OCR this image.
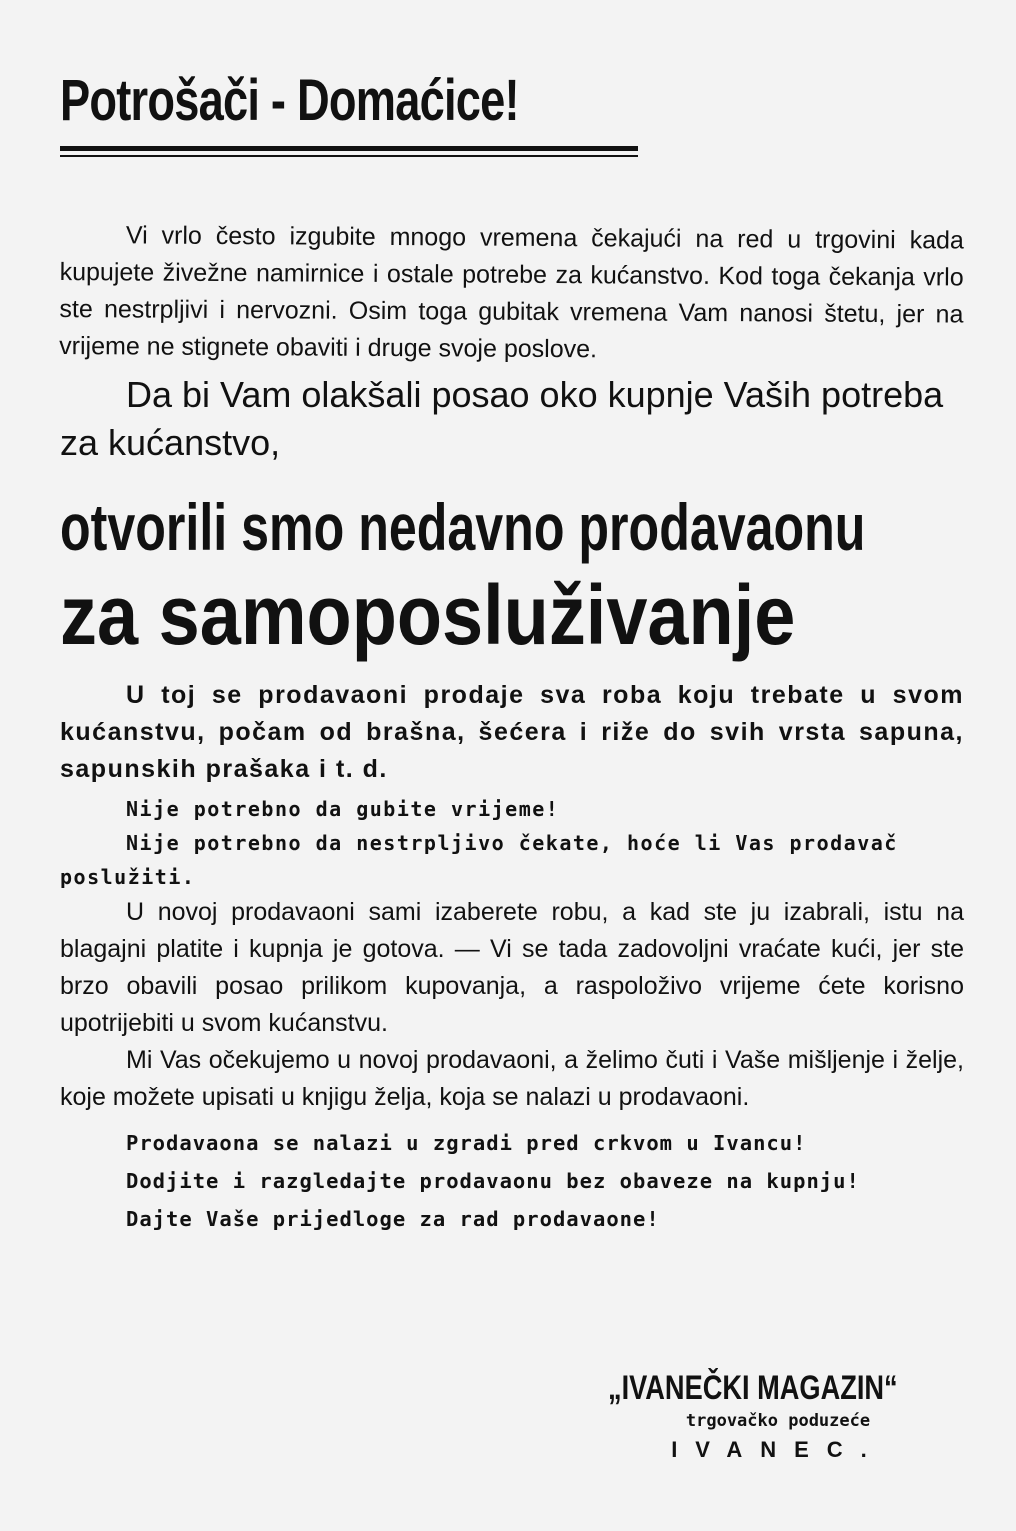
Potrošači - Domaćice!

Vi vrlo često izgubite mnogo vremena čekajući na red u trgovini kada kupujete živežne namirnice i ostale potrebe za kućanstvo. Kod toga čekanja vrlo ste nestrpljivi i nervozni. Osim toga gubitak vremena Vam nanosi štetu, jer na vrijeme ne stignete obaviti i druge svoje poslove.

Da bi Vam olakšali posao oko kupnje Vaših potreba za kućanstvo,

otvorili smo nedavno prodavaonu
za samoposluživanje

U toj se prodavaoni prodaje sva roba koju trebate u svom kućanstvu, počam od brašna, šećera i riže do svih vrsta sapuna, sapunskih prašaka i t. d.

Nije potrebno da gubite vrijeme!
Nije potrebno da nestrpljivo čekate, hoće li Vas prodavač poslužiti.

U novoj prodavaoni sami izaberete robu, a kad ste ju izabrali, istu na blagajni platite i kupnja je gotova. — Vi se tada zadovoljni vraćate kući, jer ste brzo obavili posao prilikom kupovanja, a raspoloživo vrijeme ćete korisno upotrijebiti u svom kućanstvu.

Mi Vas očekujemo u novoj prodavaoni, a želimo čuti i Vaše mišljenje i želje, koje možete upisati u knjigu želja, koja se nalazi u prodavaoni.

Prodavaona se nalazi u zgradi pred crkvom u Ivancu!
Dodjite i razgledajte prodavaonu bez obaveze na kupnju!
Dajte Vaše prijedloge za rad prodavaone!
„IVANEČKI MAGAZIN“
trgovačko poduzeće
IVANEC.
